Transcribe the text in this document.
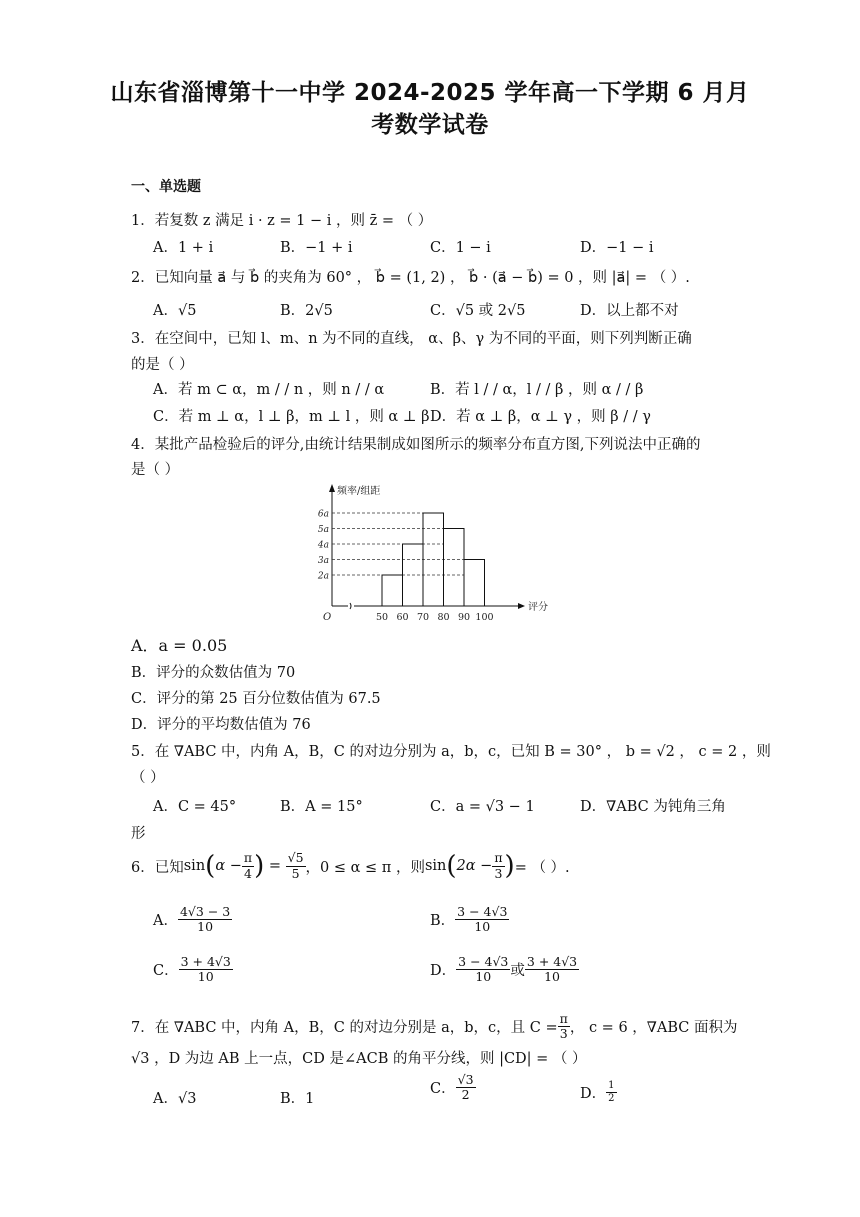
山东省淄博第十一中学 2024-2025 学年高一下学期 6 月月
考数学试卷
一、单选题
1．若复数 z 满足 i · z = 1 − i ，则 z̄ = （ ）
A．1 + i	B．−1 + i	C．1 − i	D．−1 − i
2．已知向量 a⃗ 与 b⃗ 的夹角为 60° ， b⃗ = (1, 2) ， b⃗ · (a⃗ − b⃗) = 0 ，则 |a⃗| = （ ）.
A．√5	B．2√5	C．√5 或 2√5	D．以上都不对
3．在空间中，已知 l、m、n 为不同的直线， α、β、γ 为不同的平面，则下列判断正确
的是（ ）
A．若 m ⊂ α，m / / n ，则 n / / α	B．若 l / / α，l / / β ，则 α / / β
C．若 m ⊥ α，l ⊥ β，m ⊥ l ，则 α ⊥ β D．若 α ⊥ β，α ⊥ γ ，则 β / / γ
4．某批产品检验后的评分,由统计结果制成如图所示的频率分布直方图,下列说法中正确的
是（ ）
频率/组距
评分
O
2a
3a
4a
5a
6a
50 60 70 80 90 100
A．a = 0.05
B．评分的众数估值为 70
C．评分的第 25 百分位数估值为 67.5
D．评分的平均数估值为 76
5．在 ∇ABC 中，内角 A，B，C 的对边分别为 a，b，c，已知 B = 30° ， b = √2 ， c = 2 ，则
（ ）
A．C = 45°	B．A = 15°	C．a = √3 − 1	D．∇ABC 为钝角三角
形
6．已知 sin ( $\alpha - \frac{\pi}{4}$ ) = $\frac{√5}{5}$ ，0 ≤ α ≤ π ，则 sin ( $2\alpha - \frac{\pi}{3}$ ) = （ ）.
A． $\frac{4√3 - 3}{10}$	B． $\frac{3 - 4√3}{10}$
C． $\frac{3 + 4√3}{10}$	D． $\frac{3 - 4√3}{10}$ 或 $\frac{3 + 4√3}{10}$
7．在 ∇ABC 中，内角 A，B，C 的对边分别是 a，b，c，且 $C = \frac{\pi}{3}$ ， c = 6 ，∇ABC 面积为
√3 ，D 为边 AB 上一点，CD 是∠ACB 的角平分线，则 |CD| = （ ）
A．√3	B．1
C． $\frac{√3}{2}$	D． $\frac{1}{2}$
